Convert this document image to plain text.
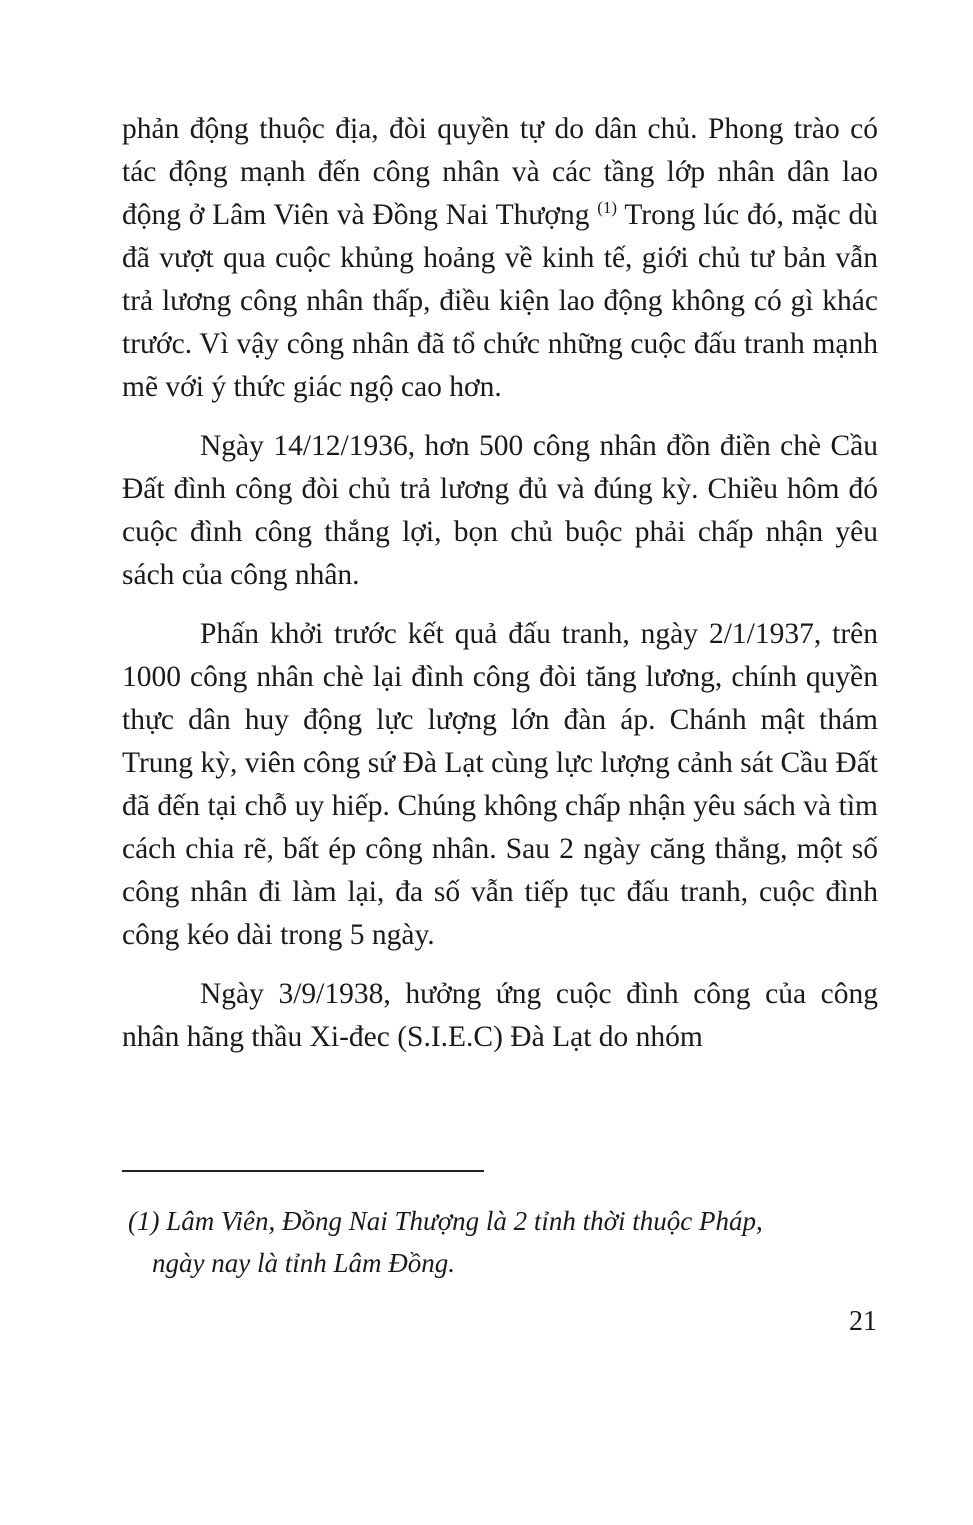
phản động thuộc địa, đòi quyền tự do dân chủ. Phong trào có tác động mạnh đến công nhân và các tầng lớp nhân dân lao động ở Lâm Viên và Đồng Nai Thượng $^{(1)}$ Trong lúc đó, mặc dù đã vượt qua cuộc khủng hoảng về kinh tế, giới chủ tư bản vẫn trả lương công nhân thấp, điều kiện lao động không có gì khác trước. Vì vậy công nhân đã tổ chức những cuộc đấu tranh mạnh mẽ với ý thức giác ngộ cao hơn.

Ngày 14/12/1936, hơn 500 công nhân đồn điền chè Cầu Đất đình công đòi chủ trả lương đủ và đúng kỳ. Chiều hôm đó cuộc đình công thắng lợi, bọn chủ buộc phải chấp nhận yêu sách của công nhân.

Phấn khởi trước kết quả đấu tranh, ngày 2/1/1937, trên 1000 công nhân chè lại đình công đòi tăng lương, chính quyền thực dân huy động lực lượng lớn đàn áp. Chánh mật thám Trung kỳ, viên công sứ Đà Lạt cùng lực lượng cảnh sát Cầu Đất đã đến tại chỗ uy hiếp. Chúng không chấp nhận yêu sách và tìm cách chia rẽ, bất ép công nhân. Sau 2 ngày căng thẳng, một số công nhân đi làm lại, đa số vẫn tiếp tục đấu tranh, cuộc đình công kéo dài trong 5 ngày.

Ngày 3/9/1938, hưởng ứng cuộc đình công của công nhân hãng thầu Xi-đec (S.I.E.C) Đà Lạt do nhóm

(1) Lâm Viên, Đồng Nai Thượng là 2 tỉnh thời thuộc Pháp,
ngày nay là tỉnh Lâm Đồng.
21
